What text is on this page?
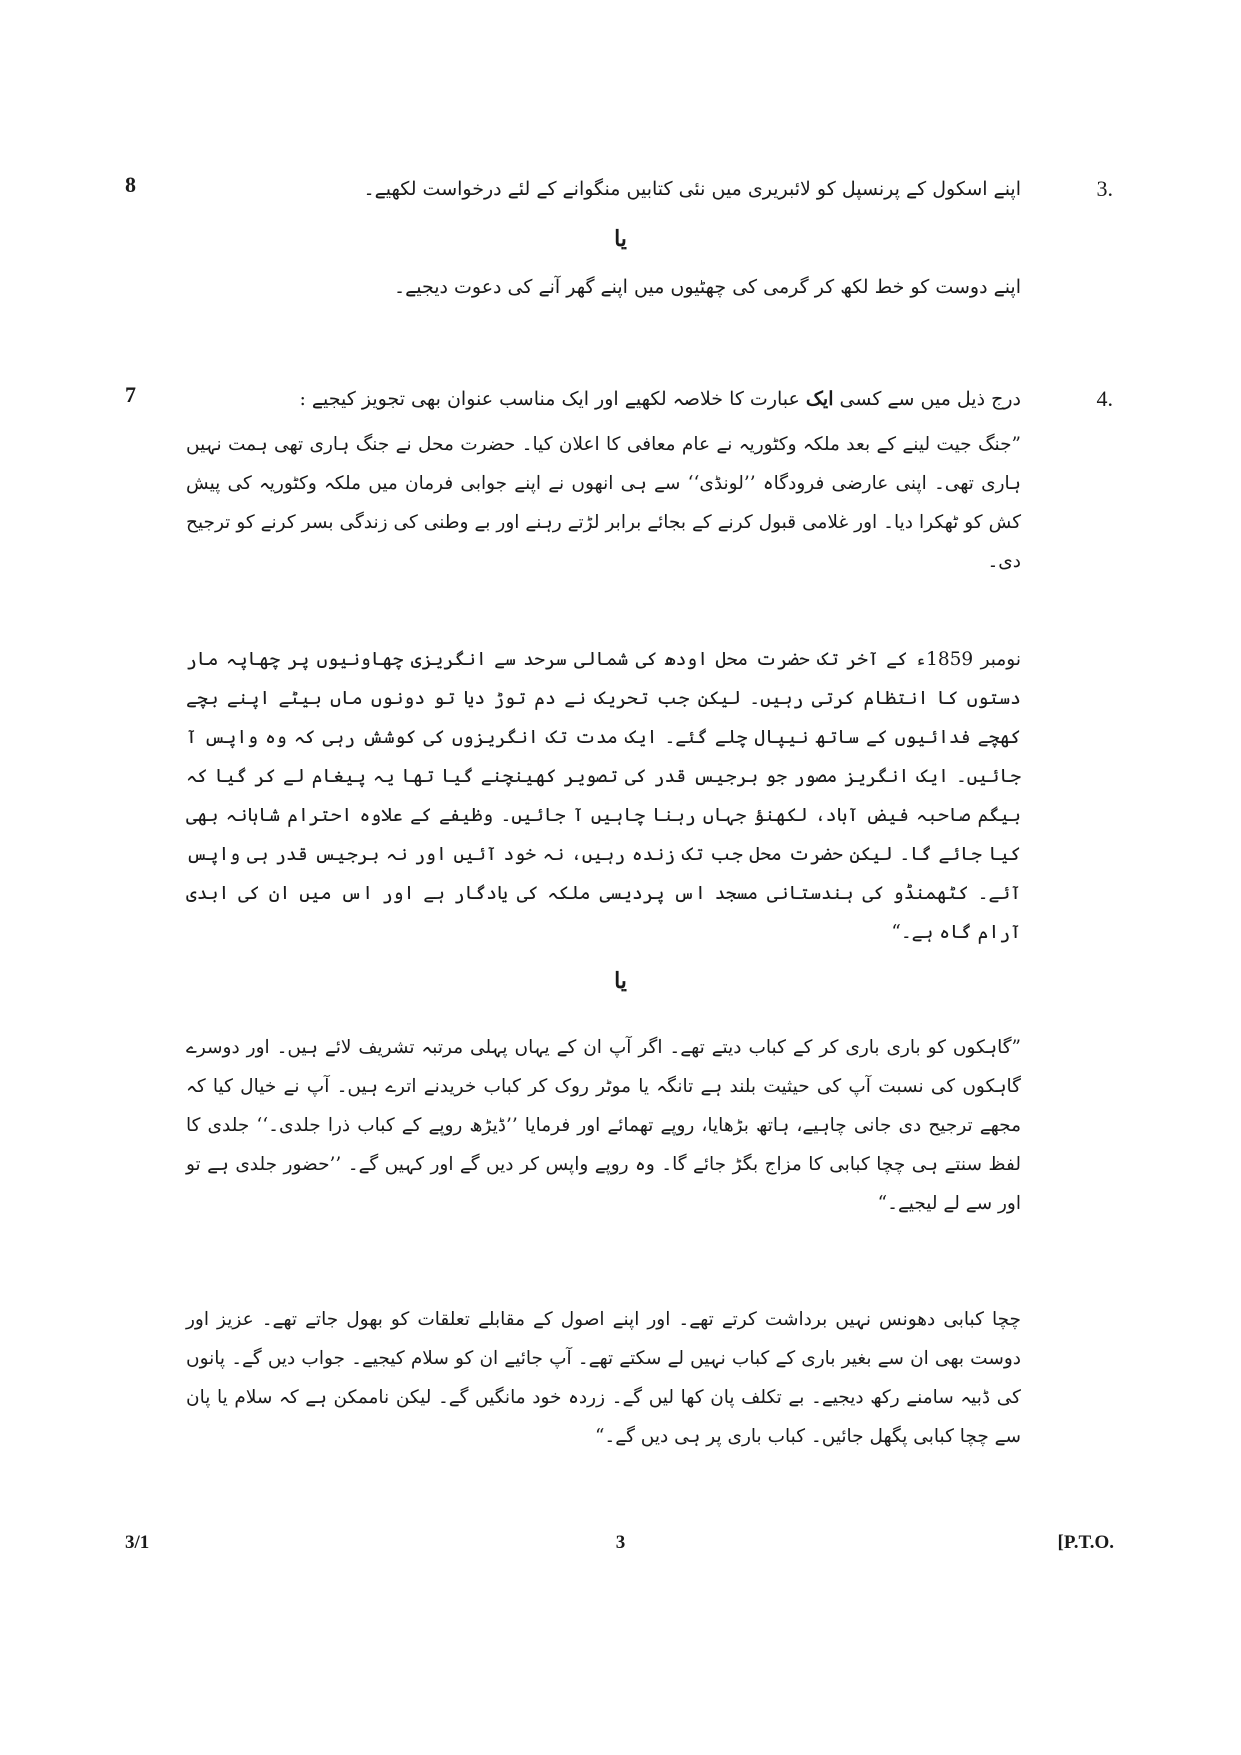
3.
اپنے اسکول کے پرنسپل کو لائبریری میں نئی کتابیں منگوانے کے لئے درخواست لکھیے۔
8
یا
اپنے دوست کو خط لکھ کر گرمی کی چھٹیوں میں اپنے گھر آنے کی دعوت دیجیے۔
4.
درج ذیل میں سے کسی ایک عبارت کا خلاصہ لکھیے اور ایک مناسب عنوان بھی تجویز کیجیے :
7

”جنگ جیت لینے کے بعد ملکہ وکٹوریہ نے عام معافی کا اعلان کیا۔ حضرت محل نے جنگ ہاری تھی ہمت نہیں ہاری تھی۔ اپنی عارضی فرودگاہ ’’لونڈی‘‘ سے ہی انھوں نے اپنے جوابی فرمان میں ملکہ وکٹوریہ کی پیش کش کو ٹھکرا دیا۔ اور غلامی قبول کرنے کے بجائے برابر لڑتے رہنے اور بے وطنی کی زندگی بسر کرنے کو ترجیح دی۔

نومبر 1859ء کے آخر تک حضرت محل اودھ کی شمالی سرحد سے انگریزی چھاونیوں پر چھاپہ مار دستوں کا انتظام کرتی رہیں۔ لیکن جب تحریک نے دم توڑ دیا تو دونوں ماں بیٹے اپنے بچے کھچے فدائیوں کے ساتھ نیپال چلے گئے۔ ایک مدت تک انگریزوں کی کوشش رہی کہ وہ واپس آ جائیں۔ ایک انگریز مصور جو برجیس قدر کی تصویر کھینچنے گیا تھا یہ پیغام لے کر گیا کہ بیگم صاحبہ فیض آباد، لکھنؤ جہاں رہنا چاہیں آ جائیں۔ وظیفے کے علاوہ احترام شاہانہ بھی کیا جائے گا۔ لیکن حضرت محل جب تک زندہ رہیں، نہ خود آئیں اور نہ برجیس قدر ہی واپس آئے۔ کٹھمنڈو کی ہندستانی مسجد اس پردیسی ملکہ کی یادگار ہے اور اس میں ان کی ابدی آرام گاہ ہے۔“

یا

”گاہکوں کو باری باری کر کے کباب دیتے تھے۔ اگر آپ ان کے یہاں پہلی مرتبہ تشریف لائے ہیں۔ اور دوسرے گاہکوں کی نسبت آپ کی حیثیت بلند ہے تانگہ یا موٹر روک کر کباب خریدنے اترے ہیں۔ آپ نے خیال کیا کہ مجھے ترجیح دی جانی چاہیے، ہاتھ بڑھایا، روپے تھمائے اور فرمایا ’’ڈیڑھ روپے کے کباب ذرا جلدی۔‘‘ جلدی کا لفظ سنتے ہی چچا کبابی کا مزاج بگڑ جائے گا۔ وہ روپے واپس کر دیں گے اور کہیں گے۔ ’’حضور جلدی ہے تو اور سے لے لیجیے۔“

چچا کبابی دھونس نہیں برداشت کرتے تھے۔ اور اپنے اصول کے مقابلے تعلقات کو بھول جاتے تھے۔ عزیز اور دوست بھی ان سے بغیر باری کے کباب نہیں لے سکتے تھے۔ آپ جائیے ان کو سلام کیجیے۔ جواب دیں گے۔ پانوں کی ڈبیہ سامنے رکھ دیجیے۔ بے تکلف پان کھا لیں گے۔ زردہ خود مانگیں گے۔ لیکن ناممکن ہے کہ سلام یا پان سے چچا کبابی پگھل جائیں۔ کباب باری پر ہی دیں گے۔“

3/1	3	[P.T.O.
